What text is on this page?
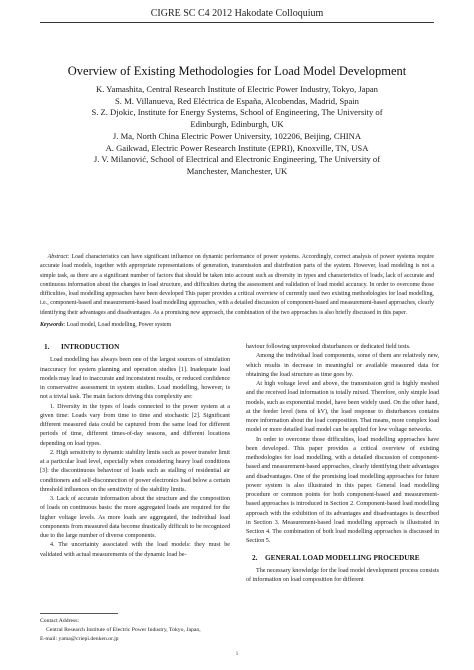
CIGRE SC C4 2012 Hakodate Colloquium
Overview of Existing Methodologies for Load Model Development
K. Yamashita, Central Research Institute of Electric Power Industry, Tokyo, Japan
S. M. Villanueva, Red Eléctrica de España, Alcobendas, Madrid, Spain
S. Z. Djokic, Institute for Energy Systems, School of Engineering, The University of
Edinburgh, Edinburgh, UK
J. Ma, North China Electric Power University, 102206, Beijing, CHINA
A. Gaikwad, Electric Power Research Institute (EPRI), Knoxville, TN, USA
J. V. Milanović, School of Electrical and Electronic Engineering, The University of
Manchester, Manchester, UK
Abstract: Load characteristics can have significant influence on dynamic performance of power systems. Accordingly, correct analysis of power systems require accurate load models, together with appropriate representations of generation, transmission and distribution parts of the system. However, load modeling is not a simple task, as there are a significant number of factors that should be taken into account such as diversity in types and characteristics of loads, lack of accurate and continuous information about the changes in load structure, and difficulties during the assessment and validation of load model accuracy. In order to overcome those difficulties, load modelling approaches have been developed This paper provides a critical overview of currently used two existing methodologies for load modelling, i.e., component-based and measurement-based load modelling approaches, with a detailed discussion of component-based and measurement-based approaches, clearly identifying their advantages and disadvantages. As a promising new approach, the combination of the two approaches is also briefly discussed in this paper.
Keywords: Load model, Load modelling, Power system
1. INTRODUCTION

Load modelling has always been one of the largest sources of simulation inaccuracy for system planning and operation studies [1]. Inadequate load models may lead to inaccurate and inconsistent results, or reduced confidence in conservative assessment in system studies. Load modelling, however, is not a trivial task. The main factors driving this complexity are:

1. Diversity in the types of loads connected to the power system at a given time: Loads vary from time to time and stochastic [2]. Significant different measured data could be captured from the same load for different periods of time, different times-of-day seasons, and different locations depending on load types.

2. High sensitivity to dynamic stability limits such as power transfer limit at a particular load level, especially when considering heavy load conditions [3]: the discontinuous behaviour of loads such as stalling of residential air conditioners and self-disconnection of power electronics load below a certain threshold influences on the sensitivity of the stability limits.

3. Lack of accurate information about the structure and the composition of loads on continuous basis: the more aggregated loads are required for the higher voltage levels. As more loads are aggregated, the individual load components from measured data become drastically difficult to be recognized due to the large number of diverse components.

4. The uncertainty associated with the load models: they must be validated with actual measurements of the dynamic load be-

haviour following unprovoked disturbances or dedicated field tests.

Among the individual load components, some of them are relatively new, which results in decrease in meaningful or available measured data for obtaining the load structure as time goes by.

At high voltage level and above, the transmission grid is highly meshed and the received load information is totally mixed. Therefore, only simple load models, such as exponential model, have been widely used. On the other hand, at the feeder level (tens of kV), the load response to disturbances contains more information about the load composition. That means, more complex load model or more detailed load model can be applied for low voltage networks.

In order to overcome those difficulties, load modelling approaches have been developed. This paper provides a critical overview of existing methodologies for load modelling, with a detailed discussion of component-based and measurement-based approaches, clearly identifying their advantages and disadvantages. One of the promising load modelling approaches for future power system is also illustrated in this paper. General load modelling procedure or common points for both component-based and measurement-based approaches is introduced in Section 2. Component-based load modelling approach with the exhibition of its advantages and disadvantages is described in Section 3. Measurement-based load modelling approach is illustrated in Section 4. The combination of both load modelling approaches is discussed in Section 5.

2. GENERAL LOAD MODELLING PROCEDURE

The necessary knowledge for the load model development process consists of information on load composition for different

Contact Address:
Central Research Institute of Electric Power Industry, Tokyo, Japan,
E-mail: yama@criepi.denken.or.jp
1
